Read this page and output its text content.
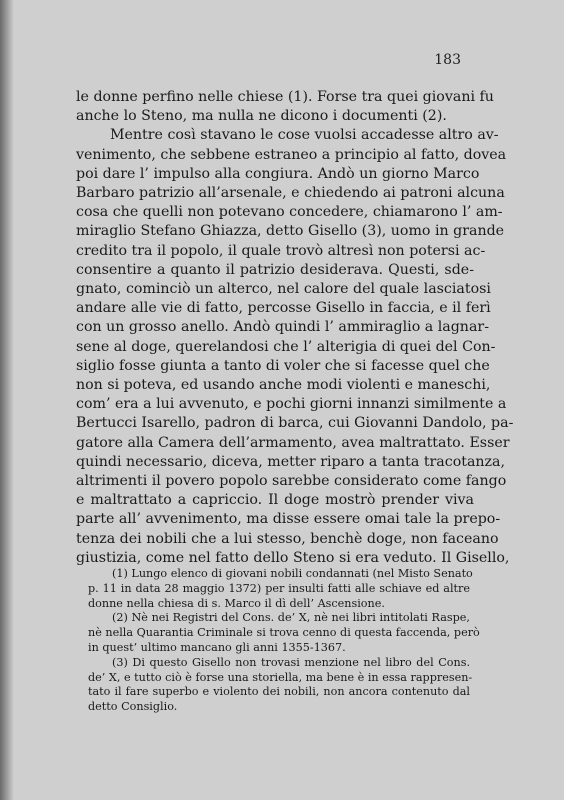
183
le donne perfino nelle chiese (1). Forse tra quei giovani fu
anche lo Steno, ma nulla ne dicono i documenti (2).
Mentre così stavano le cose vuolsi accadesse altro av-
venimento, che sebbene estraneo a principio al fatto, dovea
poi dare l’ impulso alla congiura. Andò un giorno Marco
Barbaro patrizio all’arsenale, e chiedendo ai patroni alcuna
cosa che quelli non potevano concedere, chiamarono l’ am-
miraglio Stefano Ghiazza, detto Gisello (3), uomo in grande
credito tra il popolo, il quale trovò altresì non potersi ac-
consentire a quanto il patrizio desiderava. Questi, sde-
gnato, cominciò un alterco, nel calore del quale lasciatosi
andare alle vie di fatto, percosse Gisello in faccia, e il ferì
con un grosso anello. Andò quindi l’ ammiraglio a lagnar-
sene al doge, querelandosi che l’ alterigia di quei del Con-
siglio fosse giunta a tanto di voler che si facesse quel che
non si poteva, ed usando anche modi violenti e maneschi,
com’ era a lui avvenuto, e pochi giorni innanzi similmente a
Bertucci Isarello, padron di barca, cui Giovanni Dandolo, pa-
gatore alla Camera dell’armamento, avea maltrattato. Esser
quindi necessario, diceva, metter riparo a tanta tracotanza,
altrimenti il povero popolo sarebbe considerato come fango
e maltrattato a capriccio. Il doge mostrò prender viva
parte all’ avvenimento, ma disse essere omai tale la prepo-
tenza dei nobili che a lui stesso, benchè doge, non faceano
giustizia, come nel fatto dello Steno si era veduto. Il Gisello,
(1) Lungo elenco di giovani nobili condannati (nel Misto Senato
p. 11 in data 28 maggio 1372) per insulti fatti alle schiave ed altre
donne nella chiesa di s. Marco il dì dell’ Ascensione.
(2) Nè nei Registri del Cons. de’ X, nè nei libri intitolati Raspe,
nè nella Quarantia Criminale si trova cenno di questa faccenda, però
in quest’ ultimo mancano gli anni 1355-1367.
(3) Di questo Gisello non trovasi menzione nel libro del Cons.
de’ X, e tutto ciò è forse una storiella, ma bene è in essa rappresen-
tato il fare superbo e violento dei nobili, non ancora contenuto dal
detto Consiglio.
